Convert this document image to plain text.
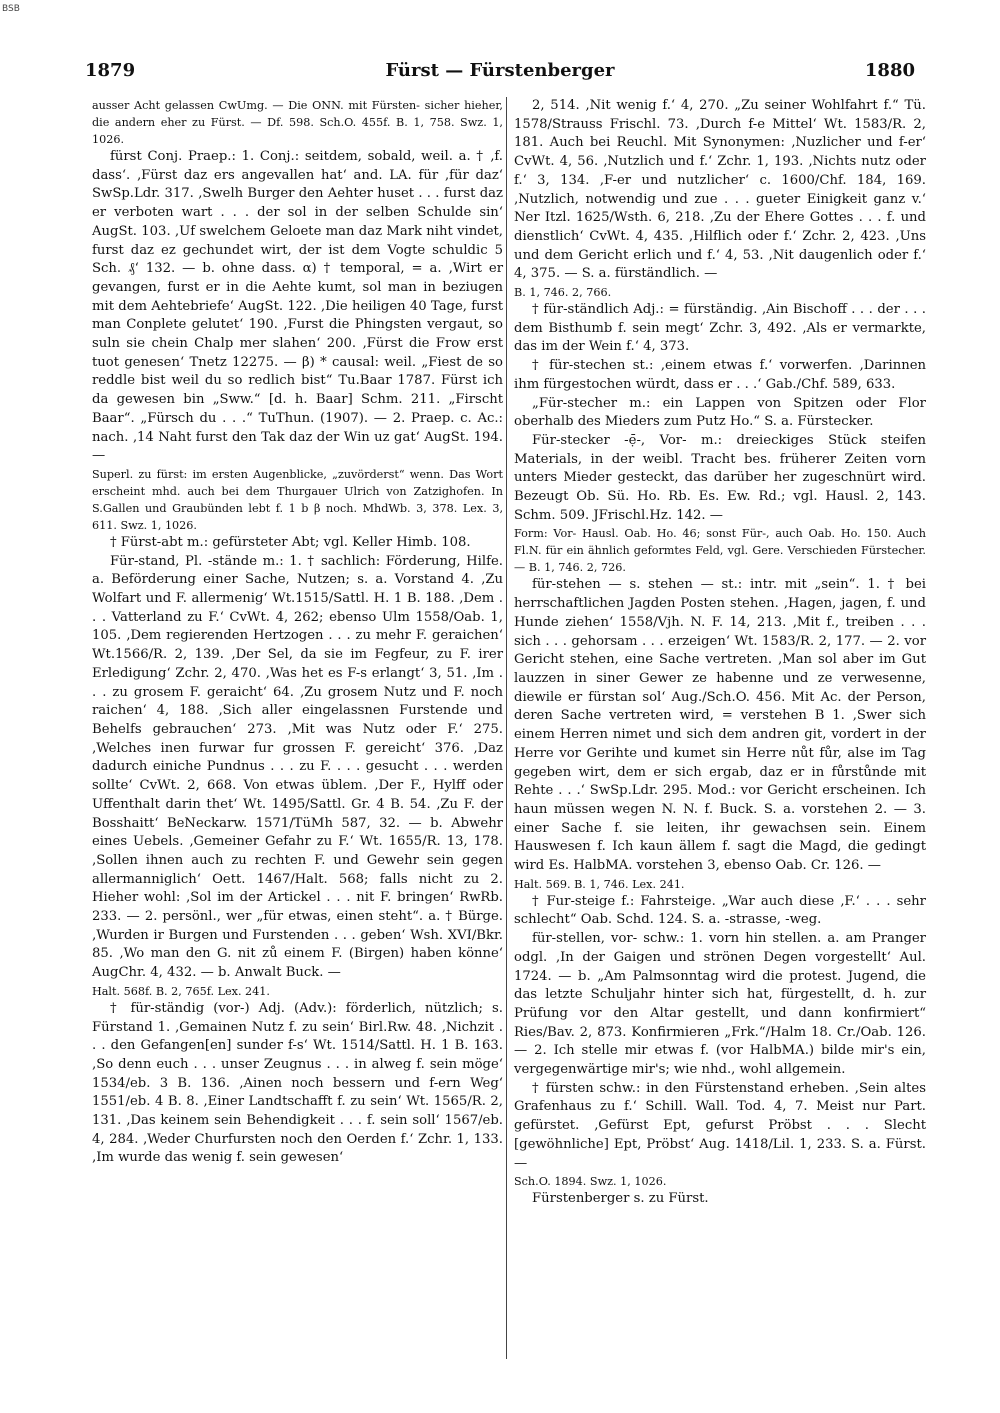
BSB
1879	Fürst — Fürstenberger	1880

ausser Acht gelassen CwUmg. — Die ONN. mit Fürsten- sicher hieher, die andern eher zu Fürst. — Df. 598. Sch.O. 455f. B. 1, 758. Swz. 1, 1026.

fürst Conj. Praep.: 1. Conj.: seitdem, sobald, weil. a. † ‚f. dass‘. ‚Fürst daz ers angevallen hat‘ and. LA. für ‚für daz‘ SwSp.Ldr. 317. ‚Swelh Burger den Aehter huset . . . furst daz er verboten wart . . . der sol in der selben Schulde sin‘ AugSt. 103. ‚Uf swelchem Geloete man daz Mark niht vindet, furst daz ez gechundet wirt, der ist dem Vogte schuldic 5 Sch. ₰‘ 132. — b. ohne dass. α) † temporal, = a. ‚Wirt er gevangen, furst er in die Aehte kumt, sol man in beziugen mit dem Aehtebriefe‘ AugSt. 122. ‚Die heiligen 40 Tage, furst man Conplete gelutet‘ 190. ‚Furst die Phingsten vergaut, so suln sie chein Chalp mer slahen‘ 200. ‚Fürst die Frow erst tuot genesen‘ Tnetz 12275. — β) * causal: weil. „Fiest de so reddle bist weil du so redlich bist“ Tu.Baar 1787. Fürst ich da gewesen bin „Sww.“ [d. h. Baar] Schm. 211. „Firscht Baar“. „Fürsch du . . .“ TuThun. (1907). — 2. Praep. c. Ac.: nach. ‚14 Naht furst den Tak daz der Win uz gat‘ AugSt. 194. —

Superl. zu fürst: im ersten Augenblicke, „zuvörderst“ wenn. Das Wort erscheint mhd. auch bei dem Thurgauer Ulrich von Zatzighofen. In S.Gallen und Graubünden lebt f. 1 b β noch. MhdWb. 3, 378. Lex. 3, 611. Swz. 1, 1026.

† Fürst-abt m.: gefürsteter Abt; vgl. Keller Himb. 108.

Für-stand, Pl. -stände m.: 1. † sachlich: Förderung, Hilfe. a. Beförderung einer Sache, Nutzen; s. a. Vorstand 4. ‚Zu Wolfart und F. allermenig‘ Wt.1515/Sattl. H. 1 B. 188. ‚Dem . . . Vatterland zu F.‘ CvWt. 4, 262; ebenso Ulm 1558/Oab. 1, 105. ‚Dem regierenden Hertzogen . . . zu mehr F. geraichen‘ Wt.1566/R. 2, 139. ‚Der Sel, da sie im Fegfeur, zu F. irer Erledigung‘ Zchr. 2, 470. ‚Was het es F-s erlangt‘ 3, 51. ‚Im . . . zu grosem F. geraicht‘ 64. ‚Zu grosem Nutz und F. noch raichen‘ 4, 188. ‚Sich aller eingelassnen Furstende und Behelfs gebrauchen‘ 273. ‚Mit was Nutz oder F.‘ 275. ‚Welches inen furwar fur grossen F. gereicht‘ 376. ‚Daz dadurch einiche Pundnus . . . zu F. . . . gesucht . . . werden sollte‘ CvWt. 2, 668. Von etwas üblem. ‚Der F., Hylff oder Uffenthalt darin thet‘ Wt. 1495/Sattl. Gr. 4 B. 54. ‚Zu F. der Bosshaitt‘ BeNeckarw. 1571/TüMh 587, 32. — b. Abwehr eines Uebels. ‚Gemeiner Gefahr zu F.‘ Wt. 1655/R. 13, 178. ‚Sollen ihnen auch zu rechten F. und Gewehr sein gegen allermanniglich‘ Oett. 1467/Halt. 568; falls nicht zu 2. Hieher wohl: ‚Sol im der Artickel . . . nit F. bringen‘ RwRb. 233. — 2. persönl., wer „für etwas, einen steht“. a. † Bürge. ‚Wurden ir Burgen und Furstenden . . . geben‘ Wsh. XVI/Bkr. 85. ‚Wo man den G. nit zů einem F. (Birgen) haben könne‘ AugChr. 4, 432. — b. Anwalt Buck. —

Halt. 568f. B. 2, 765f. Lex. 241.

† für-ständig (vor-) Adj. (Adv.): förderlich, nützlich; s. Fürstand 1. ‚Gemainen Nutz f. zu sein‘ Birl.Rw. 48. ‚Nichzit . . . den Gefangen[en] sunder f-s‘ Wt. 1514/Sattl. H. 1 B. 163. ‚So denn euch . . . unser Zeugnus . . . in alweg f. sein möge‘ 1534/eb. 3 B. 136. ‚Ainen noch bessern und f-ern Weg‘ 1551/eb. 4 B. 8. ‚Einer Landtschafft f. zu sein‘ Wt. 1565/R. 2, 131. ‚Das keinem sein Behendigkeit . . . f. sein soll‘ 1567/eb. 4, 284. ‚Weder Churfursten noch den Oerden f.‘ Zchr. 1, 133. ‚Im wurde das wenig f. sein gewesen‘

2, 514. ‚Nit wenig f.‘ 4, 270. „Zu seiner Wohlfahrt f.“ Tü. 1578/Strauss Frischl. 73. ‚Durch f-e Mittel‘ Wt. 1583/R. 2, 181. Auch bei Reuchl. Mit Synonymen: ‚Nuzlicher und f-er‘ CvWt. 4, 56. ‚Nutzlich und f.‘ Zchr. 1, 193. ‚Nichts nutz oder f.‘ 3, 134. ‚F-er und nutzlicher‘ c. 1600/Chf. 184, 169. ‚Nutzlich, notwendig und zue . . . gueter Einigkeit ganz v.‘ Ner Itzl. 1625/Wsth. 6, 218. ‚Zu der Ehere Gottes . . . f. und dienstlich‘ CvWt. 4, 435. ‚Hilflich oder f.‘ Zchr. 2, 423. ‚Uns und dem Gericht erlich und f.‘ 4, 53. ‚Nit daugenlich oder f.‘ 4, 375. — S. a. fürständlich. —

B. 1, 746. 2, 766.

† für-ständlich Adj.: = fürständig. ‚Ain Bischoff . . . der . . . dem Bisthumb f. sein megt‘ Zchr. 3, 492. ‚Als er vermarkte, das im der Wein f.‘ 4, 373.

† für-stechen st.: ‚einem etwas f.‘ vorwerfen. ‚Darinnen ihm fürgestochen würdt, dass er . . .‘ Gab./Chf. 589, 633.

„Für-stecher m.: ein Lappen von Spitzen oder Flor oberhalb des Mieders zum Putz Ho.“ S. a. Fürstecker.

Für-stecker -ẹ̄-, Vor- m.: dreieckiges Stück steifen Materials, in der weibl. Tracht bes. früherer Zeiten vorn unters Mieder gesteckt, das darüber her zugeschnürt wird. Bezeugt Ob. Sü. Ho. Rb. Es. Ew. Rd.; vgl. Hausl. 2, 143. Schm. 509. JFrischl.Hz. 142. —

Form: Vor- Hausl. Oab. Ho. 46; sonst Für-, auch Oab. Ho. 150. Auch Fl.N. für ein ähnlich geformtes Feld, vgl. Gere. Verschieden Fürstecher. — B. 1, 746. 2, 726.

für-stehen — s. stehen — st.: intr. mit „sein“. 1. † bei herrschaftlichen Jagden Posten stehen. ‚Hagen, jagen, f. und Hunde ziehen‘ 1558/Vjh. N. F. 14, 213. ‚Mit f., treiben . . . sich . . . gehorsam . . . erzeigen‘ Wt. 1583/R. 2, 177. — 2. vor Gericht stehen, eine Sache vertreten. ‚Man sol aber im Gut lauzzen in siner Gewer ze habenne und ze verwesenne, diewile er fürstan sol‘ Aug./Sch.O. 456. Mit Ac. der Person, deren Sache vertreten wird, = verstehen B 1. ‚Swer sich einem Herren nimet und sich dem andren git, vordert in der Herre vor Gerihte und kumet sin Herre nůt fůr, alse im Tag gegeben wirt, dem er sich ergab, daz er in fůrstůnde mit Rehte . . .‘ SwSp.Ldr. 295. Mod.: vor Gericht erscheinen. Ich haun müssen wegen N. N. f. Buck. S. a. vorstehen 2. — 3. einer Sache f. sie leiten, ihr gewachsen sein. Einem Hauswesen f. Ich kaun ällem f. sagt die Magd, die gedingt wird Es. HalbMA. vorstehen 3, ebenso Oab. Cr. 126. —

Halt. 569. B. 1, 746. Lex. 241.

† Fur-steige f.: Fahrsteige. „War auch diese ‚F.‘ . . . sehr schlecht“ Oab. Schd. 124. S. a. -strasse, -weg.

für-stellen, vor- schw.: 1. vorn hin stellen. a. am Pranger odgl. ‚In der Gaigen und strönen Degen vorgestellt‘ Aul. 1724. — b. „Am Palmsonntag wird die protest. Jugend, die das letzte Schuljahr hinter sich hat, fürgestellt, d. h. zur Prüfung vor den Altar gestellt, und dann konfirmiert“ Ries/Bav. 2, 873. Konfirmieren „Frk.“/Halm 18. Cr./Oab. 126. — 2. Ich stelle mir etwas f. (vor HalbMA.) bilde mir's ein, vergegenwärtige mir's; wie nhd., wohl allgemein.

† fürsten schw.: in den Fürstenstand erheben. ‚Sein altes Grafenhaus zu f.‘ Schill. Wall. Tod. 4, 7. Meist nur Part. gefürstet. ‚Gefürst Ept, gefurst Pröbst . . . Slecht [gewöhnliche] Ept, Pröbst‘ Aug. 1418/Lil. 1, 233. S. a. Fürst. —

Sch.O. 1894. Swz. 1, 1026.

Fürstenberger s. zu Fürst.
